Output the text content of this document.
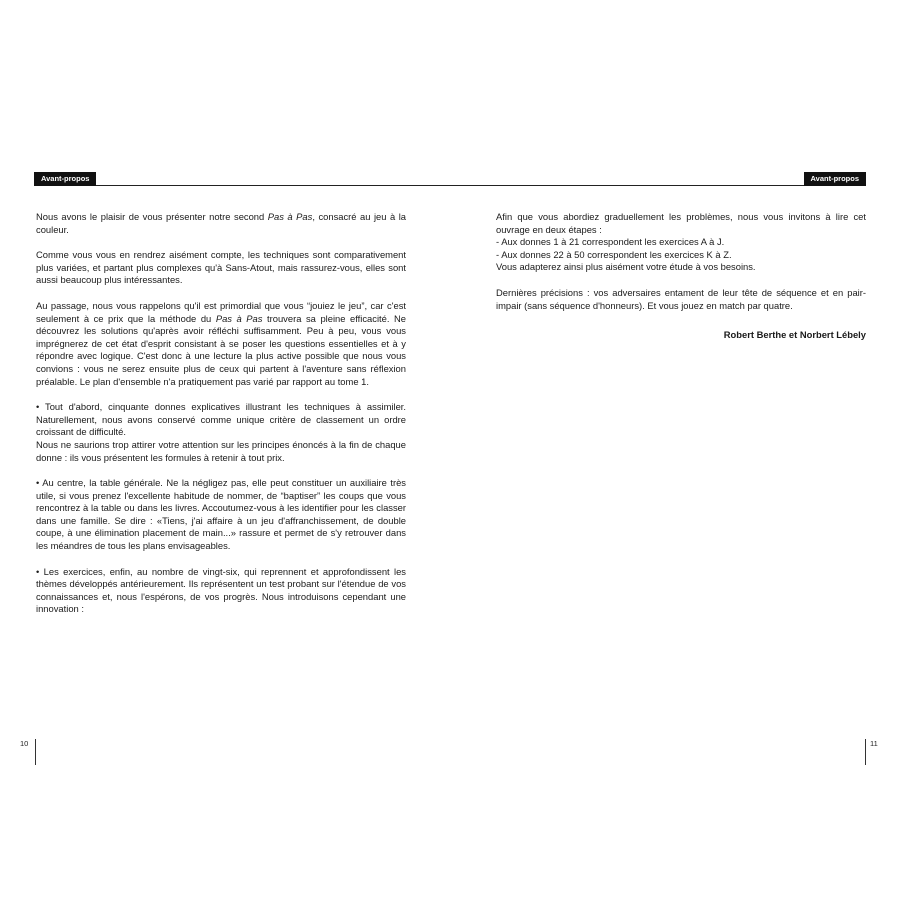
Avant-propos

Nous avons le plaisir de vous présenter notre second Pas à Pas, consacré au jeu à la couleur.

Comme vous vous en rendrez aisément compte, les techniques sont comparativement plus variées, et partant plus complexes qu'à Sans-Atout, mais rassurez-vous, elles sont aussi beaucoup plus intéressantes.

Au passage, nous vous rappelons qu'il est primordial que vous “jouiez le jeu”, car c'est seulement à ce prix que la méthode du Pas à Pas trouvera sa pleine efficacité. Ne découvrez les solutions qu'après avoir réfléchi suffisamment. Peu à peu, vous vous imprégnerez de cet état d'esprit consistant à se poser les questions essentielles et à y répondre avec logique. C'est donc à une lecture la plus active possible que nous vous convions : vous ne serez ensuite plus de ceux qui partent à l'aventure sans réflexion préalable. Le plan d'ensemble n'a pratiquement pas varié par rapport au tome 1.

• Tout d'abord, cinquante donnes explicatives illustrant les techniques à assimiler. Naturellement, nous avons conservé comme unique critère de classement un ordre croissant de difficulté.
Nous ne saurions trop attirer votre attention sur les principes énoncés à la fin de chaque donne : ils vous présentent les formules à retenir à tout prix.

• Au centre, la table générale. Ne la négligez pas, elle peut constituer un auxiliaire très utile, si vous prenez l'excellente habitude de nommer, de “baptiser” les coups que vous rencontrez à la table ou dans les livres. Accoutumez-vous à les identifier pour les classer dans une famille. Se dire : «Tiens, j'ai affaire à un jeu d'affranchissement, de double coupe, à une élimination placement de main...» rassure et permet de s'y retrouver dans les méandres de tous les plans envisageables.

• Les exercices, enfin, au nombre de vingt-six, qui reprennent et approfondissent les thèmes développés antérieurement. Ils représentent un test probant sur l'étendue de vos connaissances et, nous l'espérons, de vos progrès. Nous introduisons cependant une innovation :

10
Avant-propos

Afin que vous abordiez graduellement les problèmes, nous vous invitons à lire cet ouvrage en deux étapes :
- Aux donnes 1 à 21 correspondent les exercices A à J.
- Aux donnes 22 à 50 correspondent les exercices K à Z.
Vous adapterez ainsi plus aisément votre étude à vos besoins.

Dernières précisions : vos adversaires entament de leur tête de séquence et en pair-impair (sans séquence d'honneurs). Et vous jouez en match par quatre.

Robert Berthe et Norbert Lébely

11
